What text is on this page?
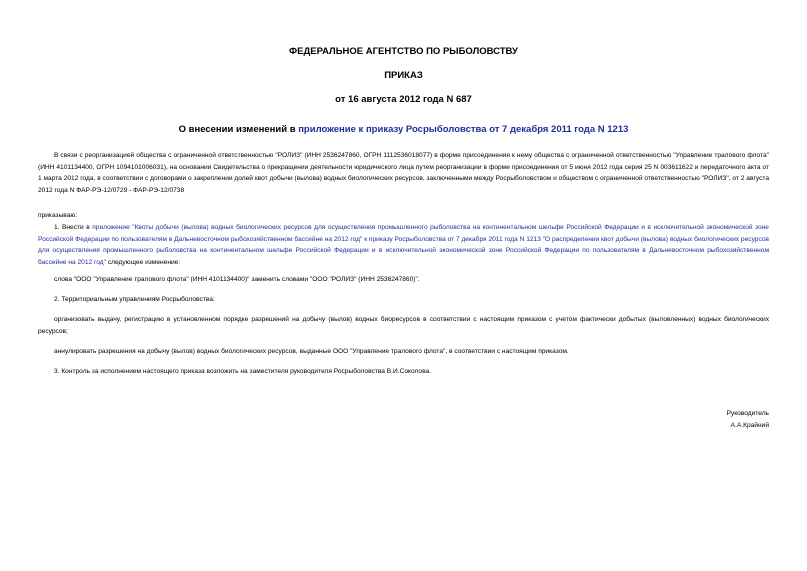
ФЕДЕРАЛЬНОЕ АГЕНТСТВО ПО РЫБОЛОВСТВУ
ПРИКАЗ
от 16 августа 2012 года N 687
О внесении изменений в приложение к приказу Росрыболовства от 7 декабря 2011 года N 1213
В связи с реорганизацией общества с ограниченной ответственностью "РОЛИЗ" (ИНН 2536247860, ОГРН 1112536018077) в форме присоединения к нему общества с ограниченной ответственностью "Управление тралового флота" (ИНН 4101134400, ОГРН 1094101006031), на основании Свидетельства о прекращении деятельности юридического лица путем реорганизации в форме присоединения от 5 июня 2012 года серия 25 N 003611622 и передаточного акта от 1 марта 2012 года, в соответствии с договорами о закреплении долей квот добычи (вылова) водных биологических ресурсов, заключенными между Росрыболовством и обществом с ограниченной ответственностью "РОЛИЗ", от 2 августа 2012 года N ФАР-РЭ-12/0729 - ФАР-РЭ-12/0738
приказываю:
1. Внести в приложение "Квоты добычи (вылова) водных биологических ресурсов для осуществления промышленного рыболовства на континентальном шельфе Российской Федерации и в исключительной экономической зоне Российской Федерации по пользователям в Дальневосточном рыбохозяйственном бассейне на 2012 год" к приказу Росрыболовства от 7 декабря 2011 года N 1213 "О распределении квот добычи (вылова) водных биологических ресурсов для осуществления промышленного рыболовства на континентальном шельфе Российской Федерации и в исключительной экономической зоне Российской Федерации по пользователям в Дальневосточном рыбохозяйственном бассейне на 2012 год" следующее изменение:
слова "ООО "Управление тралового флота" (ИНН 4101134400)" заменить словами "ООО "РОЛИЗ" (ИНН 2536247860)".
2. Территориальным управлениям Росрыболовства:
организовать выдачу, регистрацию в установленном порядке разрешений на добычу (вылов) водных биоресурсов в соответствии с настоящим приказом с учетом фактически добытых (выловленных) водных биологических ресурсов;
аннулировать разрешения на добычу (вылов) водных биологических ресурсов, выданные ООО "Управление тралового флота", в соответствии с настоящим приказом.
3. Контроль за исполнением настоящего приказа возложить на заместителя руководителя Росрыболовства В.И.Соколова.
Руководитель
А.А.Крайний
